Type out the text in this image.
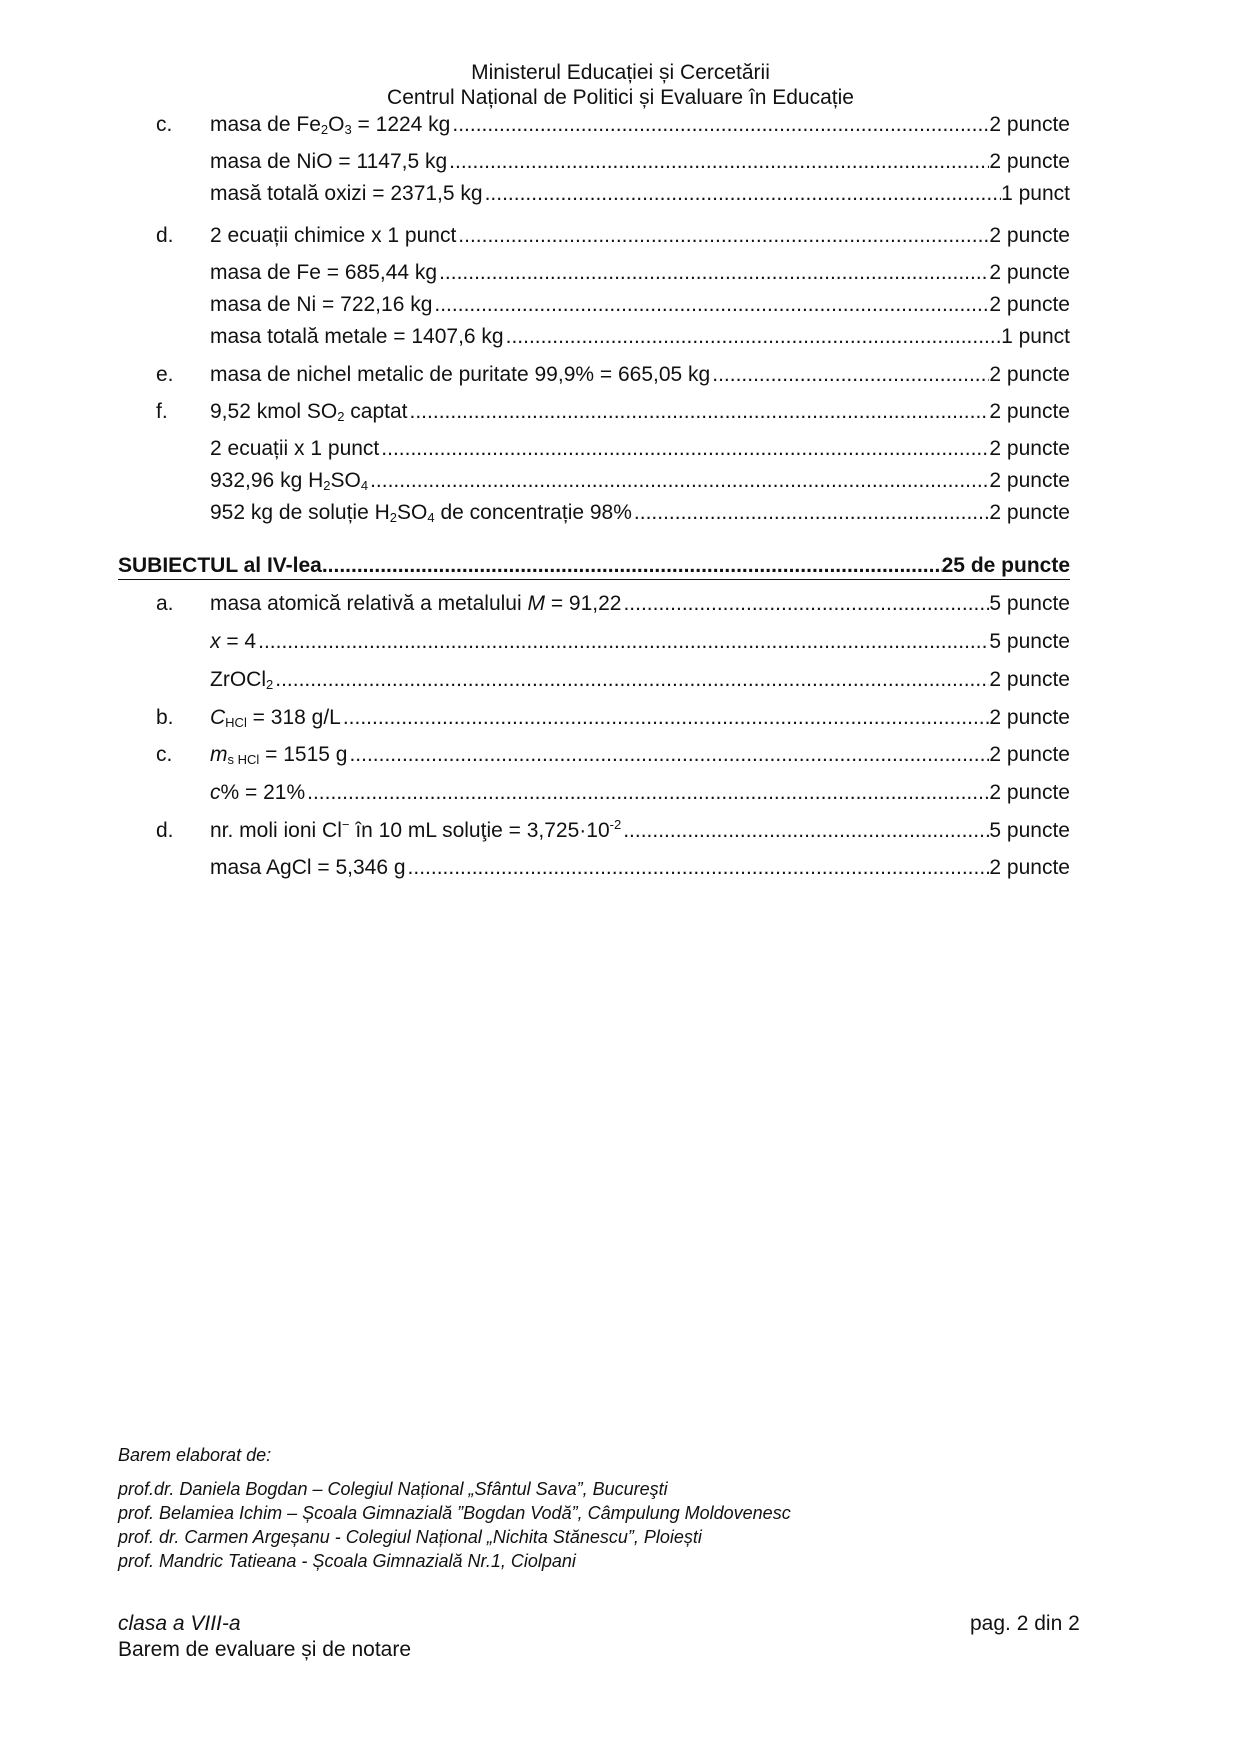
Ministerul Educației și Cercetării
Centrul Național de Politici și Evaluare în Educație
c.	masa de $Fe_2O_3 = 1224$ kg .....	2 puncte
masa de NiO = 1147,5 kg .....	2 puncte
masă totală oxizi = 2371,5 kg .....	1 punct
d.	2 ecuații chimice x 1 punct .....	2 puncte
masa de Fe = 685,44 kg .....	2 puncte
masa de Ni = 722,16 kg .....	2 puncte
masa totală metale = 1407,6 kg .....	1 punct
e.	masa de nichel metalic de puritate 99,9% = 665,05 kg .....	2 puncte
f.	9,52 kmol $SO_2$ captat .....	2 puncte
2 ecuații x 1 punct .....	2 puncte
932,96 kg $H_2SO_4$ .....	2 puncte
952 kg de soluție $H_2SO_4$ de concentrație 98% .....	2 puncte
SUBIECTUL al IV-lea .....	25 de puncte
a.	masa atomică relativă a metalului M = 91,22 .....	5 puncte
x = 4 .....	5 puncte
ZrOCl$_2$ .....	2 puncte
b.	$C_{HCl} = 318$ g/L .....	2 puncte
c.	$m_{s HCl} = 1515$ g .....	2 puncte
c% = 21% .....	2 puncte
d.	nr. moli ioni Cl− în 10 mL soluţie = $3,725\cdot 10^{-2}$ .....	5 puncte
masa AgCl = 5,346 g .....	2 puncte
Barem elaborat de:
prof.dr. Daniela Bogdan – Colegiul Național „Sfântul Sava”, Bucureşti
prof. Belamiea Ichim – Școala Gimnazială ”Bogdan Vodă”, Câmpulung Moldovenesc
prof. dr. Carmen Argeșanu - Colegiul Național „Nichita Stănescu”, Ploiești
prof. Mandric Tatieana - Școala Gimnazială Nr.1, Ciolpani
clasa a VIII-a
Barem de evaluare și de notare
pag. 2 din 2
